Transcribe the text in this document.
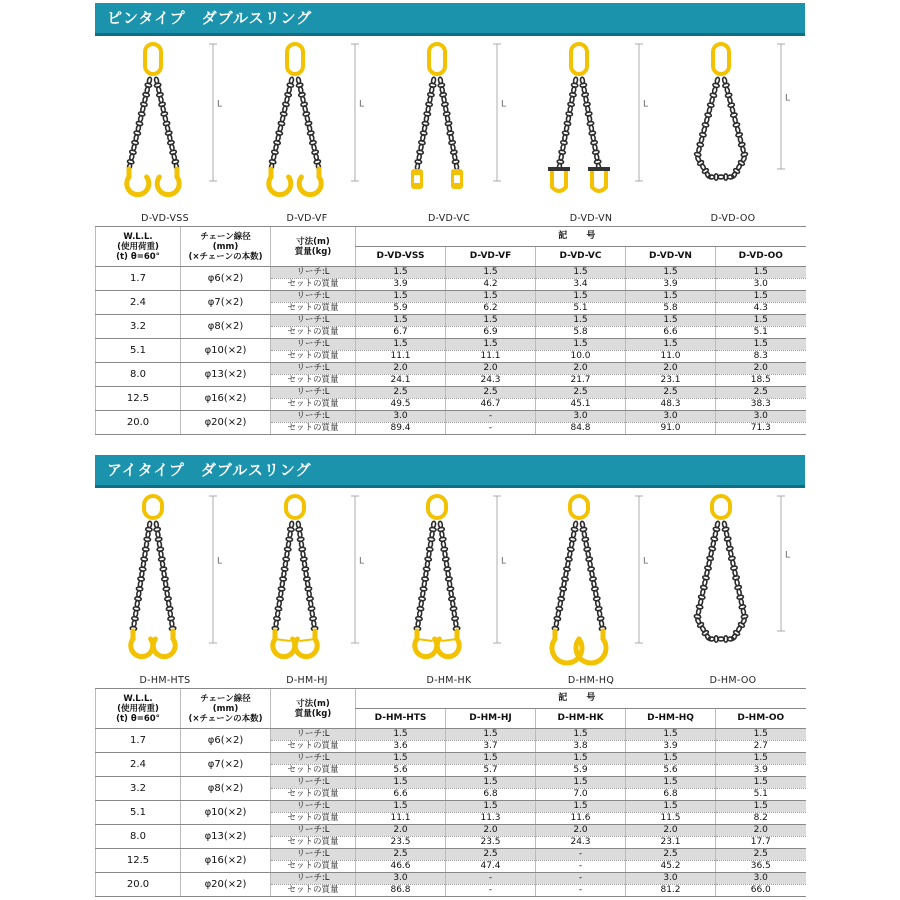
ピンタイプ　ダブルスリング
L
D-VD-VSS
L
D-VD-VF
L
D-VD-VC
L
D-VD-VN
L
D-VD-OO
W.L.L.
(使用荷重)
(t) θ=60°	チェーン線径
(mm)
(×チェーンの本数)	寸法(m)
質量(kg)	記 号				
			D-VD-VSS	D-VD-VF	D-VD-VC	D-VD-VN	D-VD-OO
1.7	φ6(×2)	リーチ:L	1.5	1.5	1.5	1.5	1.5
		セットの質量	3.9	4.2	3.4	3.9	3.0
2.4	φ7(×2)	リーチ:L	1.5	1.5	1.5	1.5	1.5
		セットの質量	5.9	6.2	5.1	5.8	4.3
3.2	φ8(×2)	リーチ:L	1.5	1.5	1.5	1.5	1.5
		セットの質量	6.7	6.9	5.8	6.6	5.1
5.1	φ10(×2)	リーチ:L	1.5	1.5	1.5	1.5	1.5
		セットの質量	11.1	11.1	10.0	11.0	8.3
8.0	φ13(×2)	リーチ:L	2.0	2.0	2.0	2.0	2.0
		セットの質量	24.1	24.3	21.7	23.1	18.5
12.5	φ16(×2)	リーチ:L	2.5	2.5	2.5	2.5	2.5
		セットの質量	49.5	46.7	45.1	48.3	38.3
20.0	φ20(×2)	リーチ:L	3.0	-	3.0	3.0	3.0
		セットの質量	89.4	-	84.8	91.0	71.3
アイタイプ　ダブルスリング
L
D-HM-HTS
L
D-HM-HJ
L
D-HM-HK
L
D-HM-HQ
L
D-HM-OO
W.L.L.
(使用荷重)
(t) θ=60°	チェーン線径
(mm)
(×チェーンの本数)	寸法(m)
質量(kg)	記 号				
			D-HM-HTS	D-HM-HJ	D-HM-HK	D-HM-HQ	D-HM-OO
1.7	φ6(×2)	リーチ:L	1.5	1.5	1.5	1.5	1.5
		セットの質量	3.6	3.7	3.8	3.9	2.7
2.4	φ7(×2)	リーチ:L	1.5	1.5	1.5	1.5	1.5
		セットの質量	5.6	5.7	5.9	5.6	3.9
3.2	φ8(×2)	リーチ:L	1.5	1.5	1.5	1.5	1.5
		セットの質量	6.6	6.8	7.0	6.8	5.1
5.1	φ10(×2)	リーチ:L	1.5	1.5	1.5	1.5	1.5
		セットの質量	11.1	11.3	11.6	11.5	8.2
8.0	φ13(×2)	リーチ:L	2.0	2.0	2.0	2.0	2.0
		セットの質量	23.5	23.5	24.3	23.1	17.7
12.5	φ16(×2)	リーチ:L	2.5	2.5	-	2.5	2.5
		セットの質量	46.6	47.4	-	45.2	36.5
20.0	φ20(×2)	リーチ:L	3.0	-	-	3.0	3.0
		セットの質量	86.8	-	-	81.2	66.0
